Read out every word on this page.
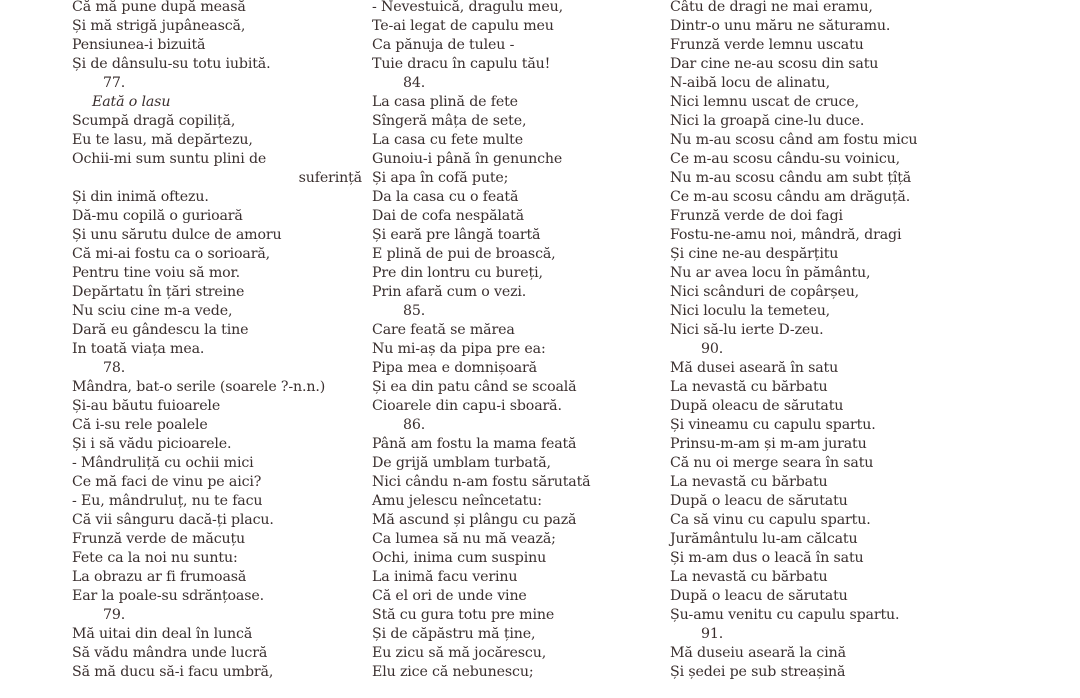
Că mă pune după measă
Și mă strigă jupânească,
Pensiunea-i bizuită
Și de dânsulu-su totu iubită.
77.
Eată o lasu
Scumpă dragă copiliță,
Eu te lasu, mă depărtezu,
Ochii-mi sum suntu plini de
suferință
Și din inimă oftezu.
Dă-mu copilă o gurioară
Și unu sărutu dulce de amoru
Că mi-ai fostu ca o sorioară,
Pentru tine voiu să mor.
Depărtatu în țări streine
Nu sciu cine m-a vede,
Dară eu gândescu la tine
In toată viața mea.
78.
Mândra, bat-o serile (soarele ?-n.n.)
Și-au băutu fuioarele
Că i-su rele poalele
Și i să vădu picioarele.
- Mândruliță cu ochii mici
Ce mă faci de vinu pe aici?
- Eu, mândruluț, nu te facu
Că vii sânguru dacă-ți placu.
Frunză verde de măcuțu
Fete ca la noi nu suntu:
La obrazu ar fi frumoasă
Ear la poale-su sdrănțoase.
79.
Mă uitai din deal în luncă
Să vădu mândra unde lucră
Să mă ducu să-i facu umbră,
- Nevestuică, dragulu meu,
Te-ai legat de capulu meu
Ca pănuja de tuleu -
Tuie dracu în capulu tău!
84.
La casa plină de fete
Sîngeră mâța de sete,
La casa cu fete multe
Gunoiu-i până în genunche
Și apa în cofă pute;
Da la casa cu o feată
Dai de cofa nespălată
Și eară pre lângă toartă
E plină de pui de broască,
Pre din lontru cu bureți,
Prin afară cum o vezi.
85.
Care feată se mărea
Nu mi-aș da pipa pre ea:
Pipa mea e domnișoară
Și ea din patu când se scoală
Cioarele din capu-i sboară.
86.
Până am fostu la mama feată
De grijă umblam turbată,
Nici cându n-am fostu sărutată
Amu jelescu neîncetatu:
Mă ascund și plângu cu pază
Ca lumea să nu mă vează;
Ochi, inima cum suspinu
La inimă facu verinu
Că el ori de unde vine
Stă cu gura totu pre mine
Și de căpăstru mă ține,
Eu zicu să mă jocărescu,
Elu zice că nebunescu;
Câtu de dragi ne mai eramu,
Dintr-o unu măru ne săturamu.
Frunză verde lemnu uscatu
Dar cine ne-au scosu din satu
N-aibă locu de alinatu,
Nici lemnu uscat de cruce,
Nici la groapă cine-lu duce.
Nu m-au scosu când am fostu micu
Ce m-au scosu cându-su voinicu,
Nu m-au scosu cându am subt țîță
Ce m-au scosu cându am drăguță.
Frunză verde de doi fagi
Fostu-ne-amu noi, mândră, dragi
Și cine ne-au despărțitu
Nu ar avea locu în pământu,
Nici scânduri de copârșeu,
Nici loculu la temeteu,
Nici să-lu ierte D-zeu.
90.
Mă dusei aseară în satu
La nevastă cu bărbatu
După oleacu de sărutatu
Și vineamu cu capulu spartu.
Prinsu-m-am și m-am juratu
Că nu oi merge seara în satu
La nevastă cu bărbatu
După o leacu de sărutatu
Ca să vinu cu capulu spartu.
Jurământulu lu-am călcatu
Și m-am dus o leacă în satu
La nevastă cu bărbatu
După o leacu de sărutatu
Șu-amu venitu cu capulu spartu.
91.
Mă duseiu aseară la cină
Și ședei pe sub streașină
